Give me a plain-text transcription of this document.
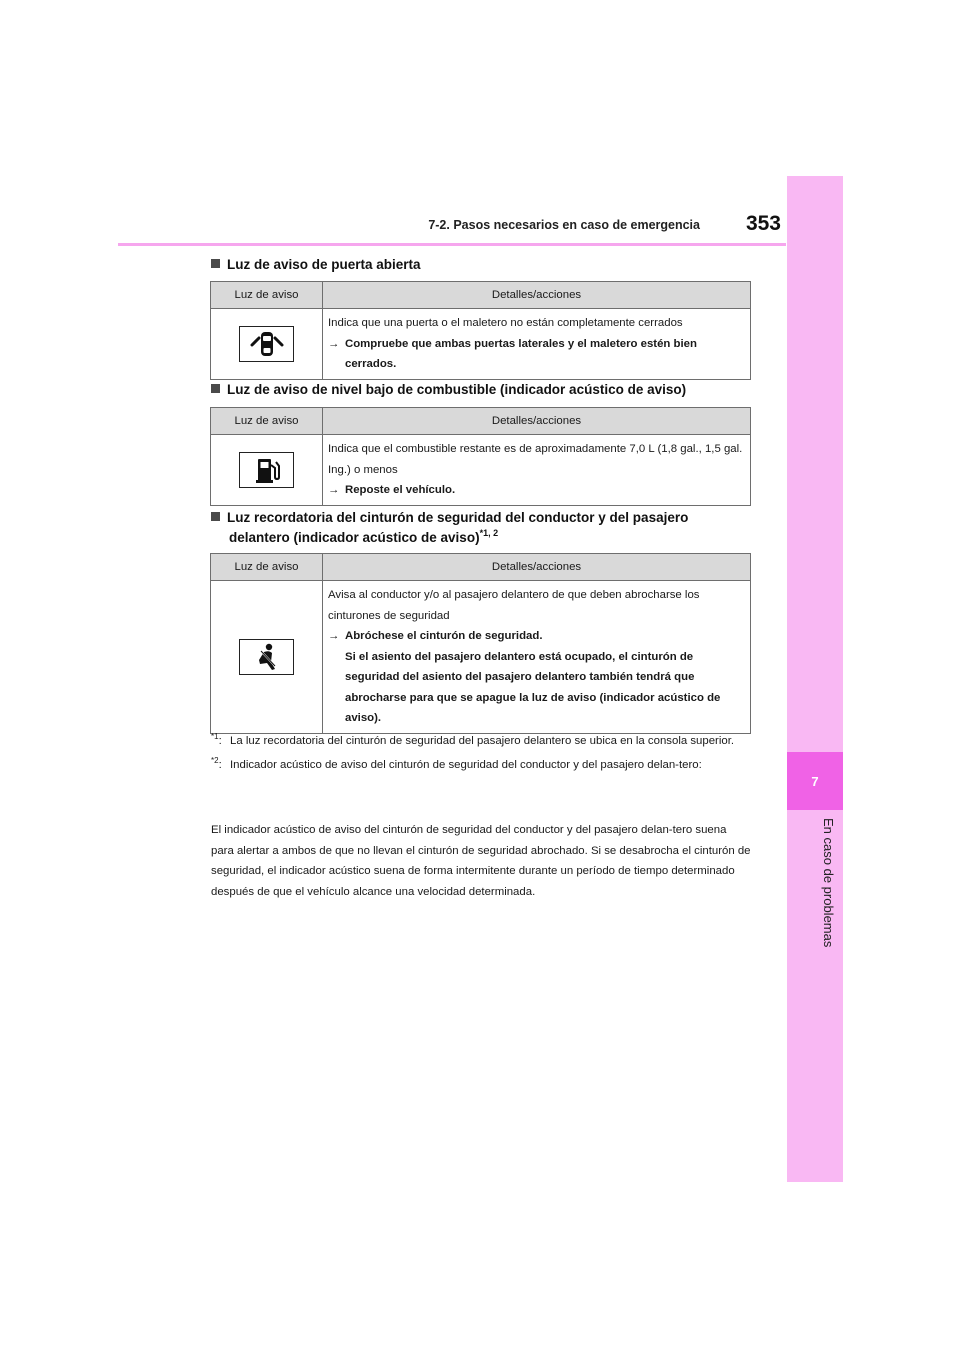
7
En caso de problemas
7-2. Pasos necesarios en caso de emergencia	353
Luz de aviso de puerta abierta
Luz de aviso	Detalles/acciones

Indica que una puerta o el maletero no están completamente cerrados
→ Compruebe que ambas puertas laterales y el maletero estén bien cerrados.
Luz de aviso de nivel bajo de combustible (indicador acústico de aviso)
Luz de aviso	Detalles/acciones

Indica que el combustible restante es de aproximadamente 7,0 L (1,8 gal., 1,5 gal. Ing.) o menos
→ Reposte el vehículo.
Luz recordatoria del cinturón de seguridad del conductor y del pasajero
delantero (indicador acústico de aviso)$^{*1, 2}$
Luz de aviso	Detalles/acciones

Avisa al conductor y/o al pasajero delantero de que deben abrocharse los cinturones de seguridad
→ Abróchese el cinturón de seguridad.
Si el asiento del pasajero delantero está ocupado, el cinturón de seguridad del asiento del pasajero delantero también tendrá que abrocharse para que se apague la luz de aviso (indicador acústico de aviso).
$^{*1}$: La luz recordatoria del cinturón de seguridad del pasajero delantero se ubica en la consola superior.
$^{*2}$: Indicador acústico de aviso del cinturón de seguridad del conductor y del pasajero delan-tero:
El indicador acústico de aviso del cinturón de seguridad del conductor y del pasajero delan-tero suena para alertar a ambos de que no llevan el cinturón de seguridad abrochado. Si se desabrocha el cinturón de seguridad, el indicador acústico suena de forma intermitente durante un período de tiempo determinado después de que el vehículo alcance una velocidad determinada.
